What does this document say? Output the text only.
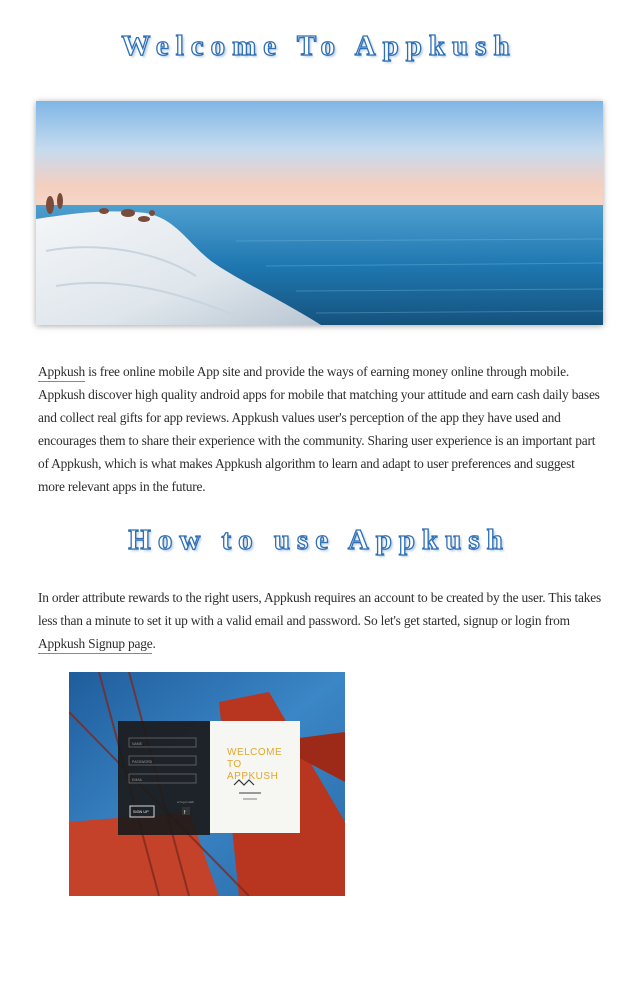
Welcome To Appkush

Appkush is free online mobile App site and provide the ways of earning money online through mobile. Appkush discover high quality android apps for mobile that matching your attitude and earn cash daily bases and collect real gifts for app reviews. Appkush values user's perception of the app they have used and encourages them to share their experience with the community. Sharing user experience is an important part of Appkush, which is what makes Appkush algorithm to learn and adapt to user preferences and suggest more relevant apps in the future.

How to use Appkush

In order attribute rewards to the right users, Appkush requires an account to be created by the user. This takes less than a minute to set it up with a valid email and password. So let's get started, signup or login from Appkush Signup page.

NAME
PASSWORD
EMAIL
SIGN UP
or log in with
f
WELCOME
TO
APPKUSH
